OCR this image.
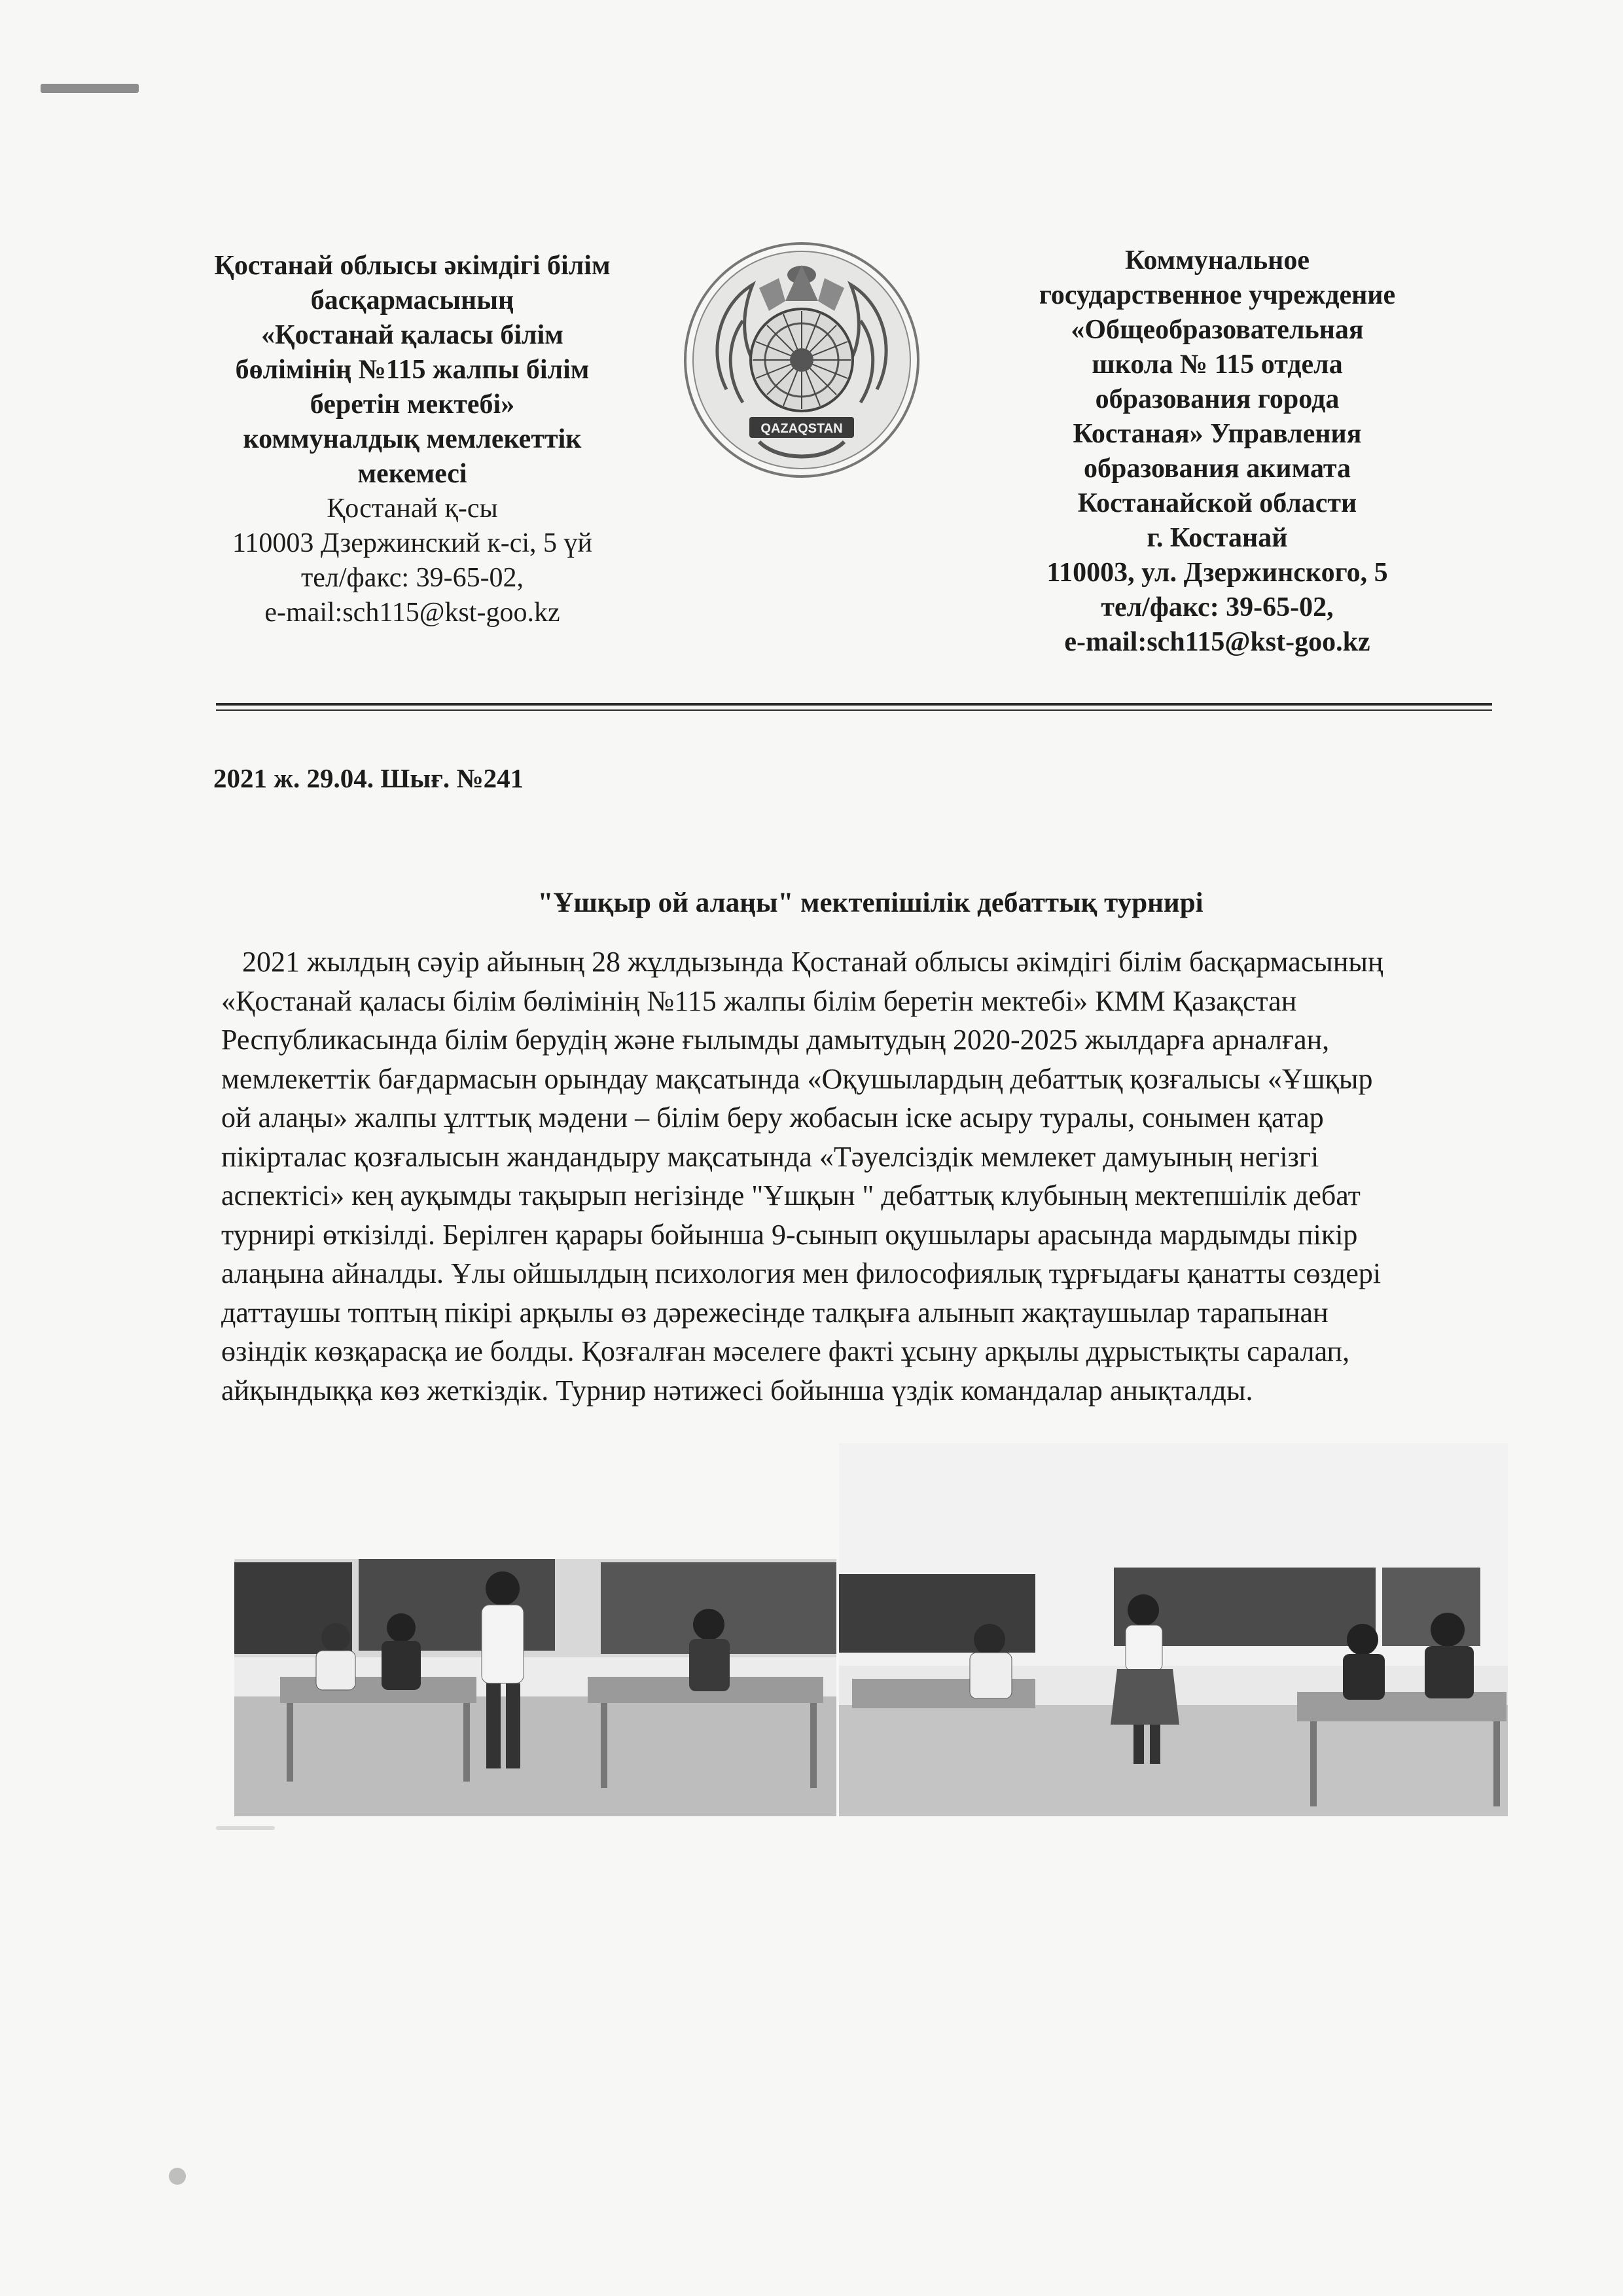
Қостанай облысы әкімдігі білім
басқармасының
«Қостанай қаласы білім
бөлімінің №115 жалпы білім
беретін мектебі»
коммуналдық мемлекеттік
мекемесі
Қостанай қ-сы
110003 Дзержинский к-сі, 5 үй
тел/факс: 39-65-02,
e-mail:sch115@kst-goo.kz
QAZAQSTAN
Коммунальное
государственное учреждение
«Общеобразовательная
школа № 115 отдела
образования города
Костаная» Управления
образования акимата
Костанайской области
г. Костанай
110003, ул. Дзержинского, 5
тел/факс: 39-65-02,
e-mail:sch115@kst-goo.kz
2021 ж. 29.04. Шығ. №241
"Ұшқыр ой алаңы" мектепішілік дебаттық турнирі
2021 жылдың сәуір айының 28 жұлдызында Қостанай облысы әкімдігі білім басқармасының
«Қостанай қаласы білім бөлімінің №115 жалпы білім беретін мектебі» КММ Қазақстан
Республикасында білім берудің және ғылымды дамытудың 2020-2025 жылдарға арналған,
мемлекеттік бағдармасын орындау мақсатында «Оқушылардың дебаттық қозғалысы «Ұшқыр
ой алаңы» жалпы ұлттық мәдени – білім беру жобасын іске асыру туралы, сонымен қатар
пікірталас қозғалысын жандандыру мақсатында «Тәуелсіздік мемлекет дамуының негізгі
аспектісі» кең ауқымды тақырып негізінде "Ұшқын " дебаттық клубының мектепшілік дебат
турнирі өткізілді. Берілген қарары бойынша 9-сынып оқушылары арасында мардымды пікір
алаңына айналды. Ұлы ойшылдың психология мен философиялық тұрғыдағы қанатты сөздері
даттаушы топтың пікірі арқылы өз дәрежесінде талқыға алынып жақтаушылар тарапынан
өзіндік көзқарасқа ие болды. Қозғалған мәселеге факті ұсыну арқылы дұрыстықты саралап,
айқындыққа көз жеткіздік. Турнир нәтижесі бойынша үздік командалар анықталды.
